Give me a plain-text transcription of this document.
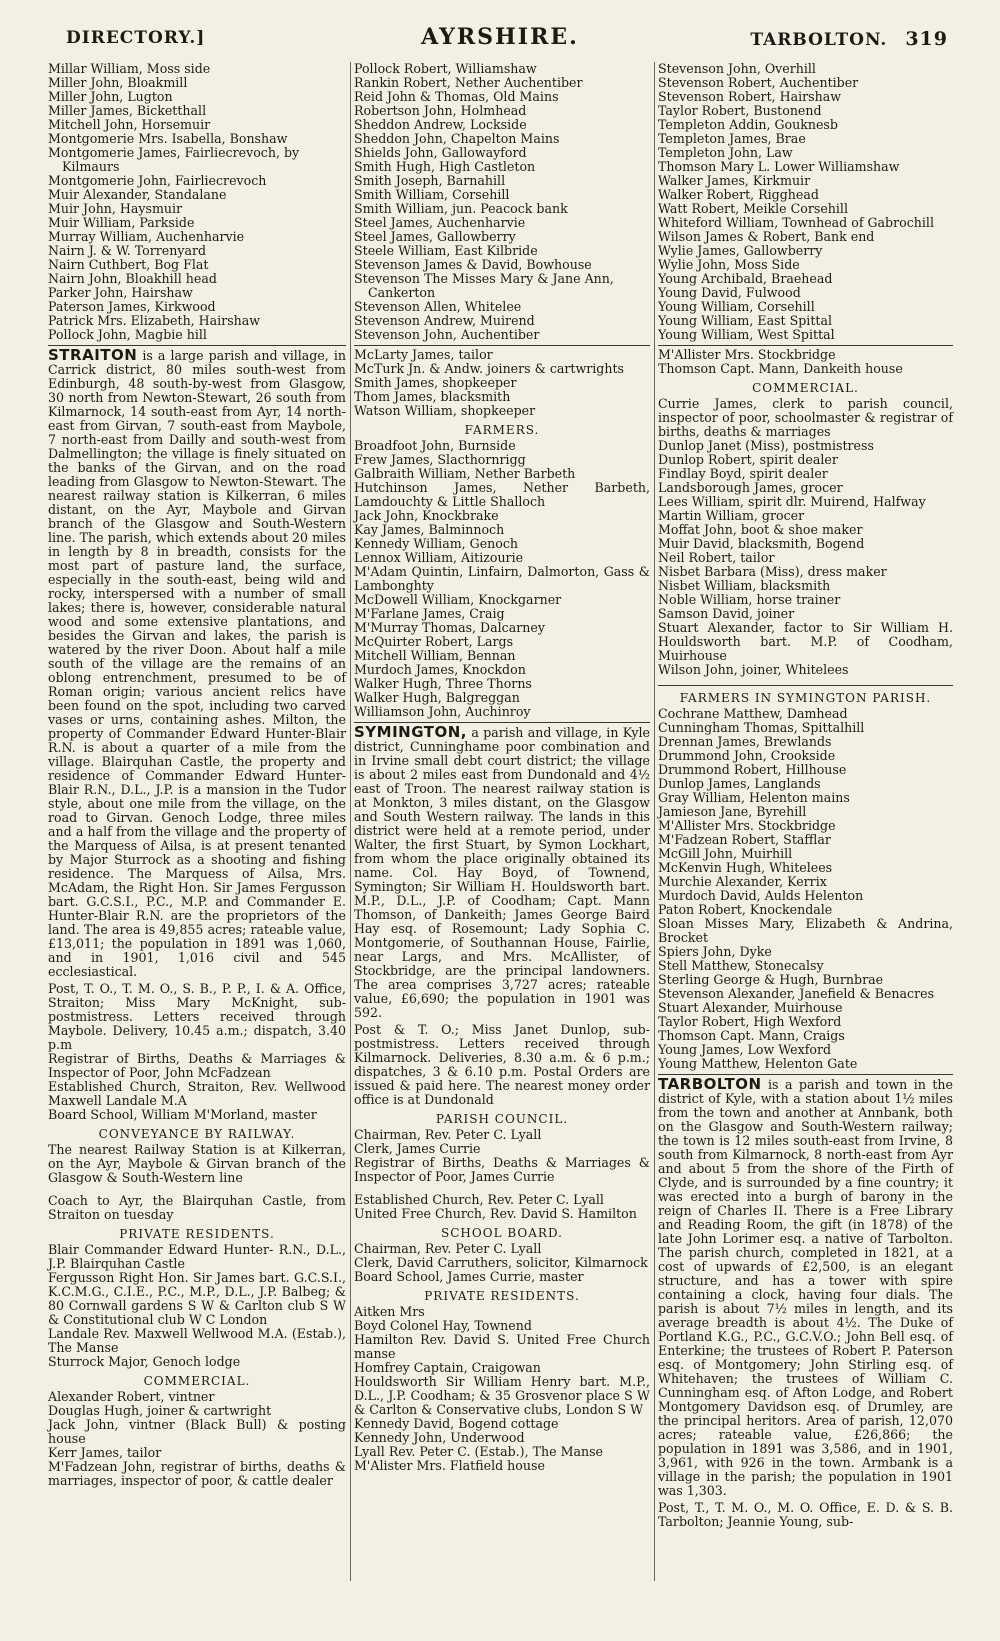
DIRECTORY.]	AYRSHIRE.	TARBOLTON. 319
Millar William, Moss side
Miller John, Bloakmill
Miller John, Lugton
Miller James, Bicketthall
Mitchell John, Horsemuir
Montgomerie Mrs. Isabella, Bonshaw
Montgomerie James, Fairliecrevoch, by
Kilmaurs
Montgomerie John, Fairliecrevoch
Muir Alexander, Standalane
Muir John, Haysmuir
Muir William, Parkside
Murray William, Auchenharvie
Nairn J. & W. Torrenyard
Nairn Cuthbert, Bog Flat
Nairn John, Bloakhill head
Parker John, Hairshaw
Paterson James, Kirkwood
Patrick Mrs. Elizabeth, Hairshaw
Pollock John, Magbie hill
STRAITON is a large parish and village, in Carrick district, 80 miles south-west from Edinburgh, 48 south-by-west from Glasgow, 30 north from Newton-Stewart, 26 south from Kilmarnock, 14 south-east from Ayr, 14 north-east from Girvan, 7 south-east from Maybole, 7 north-east from Dailly and south-west from Dalmellington; the village is finely situated on the banks of the Girvan, and on the road leading from Glasgow to Newton-Stewart. The nearest railway station is Kilkerran, 6 miles distant, on the Ayr, Maybole and Girvan branch of the Glasgow and South-Western line. The parish, which extends about 20 miles in length by 8 in breadth, consists for the most part of pasture land, the surface, especially in the south-east, being wild and rocky, interspersed with a number of small lakes; there is, however, considerable natural wood and some extensive plantations, and besides the Girvan and lakes, the parish is watered by the river Doon. About half a mile south of the village are the remains of an oblong entrenchment, presumed to be of Roman origin; various ancient relics have been found on the spot, including two carved vases or urns, containing ashes. Milton, the property of Commander Edward Hunter-Blair R.N. is about a quarter of a mile from the village. Blairquhan Castle, the property and residence of Commander Edward Hunter-Blair R.N., D.L., J.P. is a mansion in the Tudor style, about one mile from the village, on the road to Girvan. Genoch Lodge, three miles and a half from the village and the property of the Marquess of Ailsa, is at present tenanted by Major Sturrock as a shooting and fishing residence. The Marquess of Ailsa, Mrs. McAdam, the Right Hon. Sir James Fergusson bart. G.C.S.I., P.C., M.P. and Commander E. Hunter-Blair R.N. are the proprietors of the land. The area is 49,855 acres; rateable value, £13,011; the population in 1891 was 1,060, and in 1901, 1,016 civil and 545 ecclesiastical.
Post, T. O., T. M. O., S. B., P. P., I. & A. Office, Straiton; Miss Mary McKnight, sub-postmistress. Letters received through Maybole. Delivery, 10.45 a.m.; dispatch, 3.40 p.m
Registrar of Births, Deaths & Marriages & Inspector of Poor, John McFadzean
Established Church, Straiton, Rev. Wellwood Maxwell Landale M.A
Board School, William M'Morland, master
CONVEYANCE BY RAILWAY.
The nearest Railway Station is at Kilkerran, on the Ayr, Maybole & Girvan branch of the Glasgow & South-Western line
Coach to Ayr, the Blairquhan Castle, from Straiton on tuesday
PRIVATE RESIDENTS.
Blair Commander Edward Hunter- R.N., D.L., J.P. Blairquhan Castle
Fergusson Right Hon. Sir James bart. G.C.S.I., K.C.M.G., C.I.E., P.C., M.P., D.L., J.P. Balbeg; & 80 Cornwall gardens S W & Carlton club S W & Constitutional club W C London
Landale Rev. Maxwell Wellwood M.A. (Estab.), The Manse
Sturrock Major, Genoch lodge
COMMERCIAL.
Alexander Robert, vintner
Douglas Hugh, joiner & cartwright
Jack John, vintner (Black Bull) & posting house
Kerr James, tailor
M'Fadzean John, registrar of births, deaths & marriages, inspector of poor, & cattle dealer
Pollock Robert, Williamshaw
Rankin Robert, Nether Auchentiber
Reid John & Thomas, Old Mains
Robertson John, Holmhead
Sheddon Andrew, Lockside
Sheddon John, Chapelton Mains
Shields John, Gallowayford
Smith Hugh, High Castleton
Smith Joseph, Barnahill
Smith William, Corsehill
Smith William, jun. Peacock bank
Steel James, Auchenharvie
Steel James, Gallowberry
Steele William, East Kilbride
Stevenson James & David, Bowhouse
Stevenson The Misses Mary & Jane Ann,
Cankerton
Stevenson Allen, Whitelee
Stevenson Andrew, Muirend
Stevenson John, Auchentiber
McLarty James, tailor
McTurk Jn. & Andw. joiners & cartwrights
Smith James, shopkeeper
Thom James, blacksmith
Watson William, shopkeeper
FARMERS.
Broadfoot John, Burnside
Frew James, Slacthornrigg
Galbraith William, Nether Barbeth
Hutchinson James, Nether Barbeth, Lamdouchty & Little Shalloch
Jack John, Knockbrake
Kay James, Balminnoch
Kennedy William, Genoch
Lennox William, Aitizourie
M'Adam Quintin, Linfairn, Dalmorton, Gass & Lambonghty
McDowell William, Knockgarner
M'Farlane James, Craig
M'Murray Thomas, Dalcarney
McQuirter Robert, Largs
Mitchell William, Bennan
Murdoch James, Knockdon
Walker Hugh, Three Thorns
Walker Hugh, Balgreggan
Williamson John, Auchinroy
SYMINGTON, a parish and village, in Kyle district, Cunninghame poor combination and in Irvine small debt court district; the village is about 2 miles east from Dundonald and 4½ east of Troon. The nearest railway station is at Monkton, 3 miles distant, on the Glasgow and South Western railway. The lands in this district were held at a remote period, under Walter, the first Stuart, by Symon Lockhart, from whom the place originally obtained its name. Col. Hay Boyd, of Townend, Symington; Sir William H. Houldsworth bart. M.P., D.L., J.P. of Coodham; Capt. Mann Thomson, of Dankeith; James George Baird Hay esq. of Rosemount; Lady Sophia C. Montgomerie, of Southannan House, Fairlie, near Largs, and Mrs. McAllister, of Stockbridge, are the principal landowners. The area comprises 3,727 acres; rateable value, £6,690; the population in 1901 was 592.
Post & T. O.; Miss Janet Dunlop, sub-postmistress. Letters received through Kilmarnock. Deliveries, 8.30 a.m. & 6 p.m.; dispatches, 3 & 6.10 p.m. Postal Orders are issued & paid here. The nearest money order office is at Dundonald
PARISH COUNCIL.
Chairman, Rev. Peter C. Lyall
Clerk, James Currie
Registrar of Births, Deaths & Marriages & Inspector of Poor, James Currie
Established Church, Rev. Peter C. Lyall
United Free Church, Rev. David S. Hamilton
SCHOOL BOARD.
Chairman, Rev. Peter C. Lyall
Clerk, David Carruthers, solicitor, Kilmarnock
Board School, James Currie, master
PRIVATE RESIDENTS.
Aitken Mrs
Boyd Colonel Hay, Townend
Hamilton Rev. David S. United Free Church manse
Homfrey Captain, Craigowan
Houldsworth Sir William Henry bart. M.P., D.L., J.P. Coodham; & 35 Grosvenor place S W & Carlton & Conservative clubs, London S W
Kennedy David, Bogend cottage
Kennedy John, Underwood
Lyall Rev. Peter C. (Estab.), The Manse
M'Alister Mrs. Flatfield house
Stevenson John, Overhill
Stevenson Robert, Auchentiber
Stevenson Robert, Hairshaw
Taylor Robert, Bustonend
Templeton Addin, Gouknesb
Templeton James, Brae
Templeton John, Law
Thomson Mary L. Lower Williamshaw
Walker James, Kirkmuir
Walker Robert, Rigghead
Watt Robert, Meikle Corsehill
Whiteford William, Townhead of Gabrochill
Wilson James & Robert, Bank end
Wylie James, Gallowberry
Wylie John, Moss Side
Young Archibald, Braehead
Young David, Fulwood
Young William, Corsehill
Young William, East Spittal
Young William, West Spittal
M'Allister Mrs. Stockbridge
Thomson Capt. Mann, Dankeith house
COMMERCIAL.
Currie James, clerk to parish council, inspector of poor, schoolmaster & registrar of births, deaths & marriages
Dunlop Janet (Miss), postmistress
Dunlop Robert, spirit dealer
Findlay Boyd, spirit dealer
Landsborough James, grocer
Lees William, spirit dlr. Muirend, Halfway
Martin William, grocer
Moffat John, boot & shoe maker
Muir David, blacksmith, Bogend
Neil Robert, tailor
Nisbet Barbara (Miss), dress maker
Nisbet William, blacksmith
Noble William, horse trainer
Samson David, joiner
Stuart Alexander, factor to Sir William H. Houldsworth bart. M.P. of Coodham, Muirhouse
Wilson John, joiner, Whitelees
FARMERS IN SYMINGTON PARISH.
Cochrane Matthew, Damhead
Cunningham Thomas, Spittalhill
Drennan James, Brewlands
Drummond John, Crookside
Drummond Robert, Hillhouse
Dunlop James, Langlands
Gray William, Helenton mains
Jamieson Jane, Byrehill
M'Allister Mrs. Stockbridge
M'Fadzean Robert, Stafflar
McGill John, Muirhill
McKenvin Hugh, Whitelees
Murchie Alexander, Kerrix
Murdoch David, Aulds Helenton
Paton Robert, Knockendale
Sloan Misses Mary, Elizabeth & Andrina, Brocket
Spiers John, Dyke
Stell Matthew, Stonecalsy
Sterling George & Hugh, Burnbrae
Stevenson Alexander, Janefield & Benacres
Stuart Alexander, Muirhouse
Taylor Robert, High Wexford
Thomson Capt. Mann, Craigs
Young James, Low Wexford
Young Matthew, Helenton Gate
TARBOLTON is a parish and town in the district of Kyle, with a station about 1½ miles from the town and another at Annbank, both on the Glasgow and South-Western railway; the town is 12 miles south-east from Irvine, 8 south from Kilmarnock, 8 north-east from Ayr and about 5 from the shore of the Firth of Clyde, and is surrounded by a fine country; it was erected into a burgh of barony in the reign of Charles II. There is a Free Library and Reading Room, the gift (in 1878) of the late John Lorimer esq. a native of Tarbolton. The parish church, completed in 1821, at a cost of upwards of £2,500, is an elegant structure, and has a tower with spire containing a clock, having four dials. The parish is about 7½ miles in length, and its average breadth is about 4½. The Duke of Portland K.G., P.C., G.C.V.O.; John Bell esq. of Enterkine; the trustees of Robert P. Paterson esq. of Montgomery; John Stirling esq. of Whitehaven; the trustees of William C. Cunningham esq. of Afton Lodge, and Robert Montgomery Davidson esq. of Drumley, are the principal heritors. Area of parish, 12,070 acres; rateable value, £26,866; the population in 1891 was 3,586, and in 1901, 3,961, with 926 in the town. Armbank is a village in the parish; the population in 1901 was 1,303.
Post, T., T. M. O., M. O. Office, E. D. & S. B. Tarbolton; Jeannie Young, sub-
